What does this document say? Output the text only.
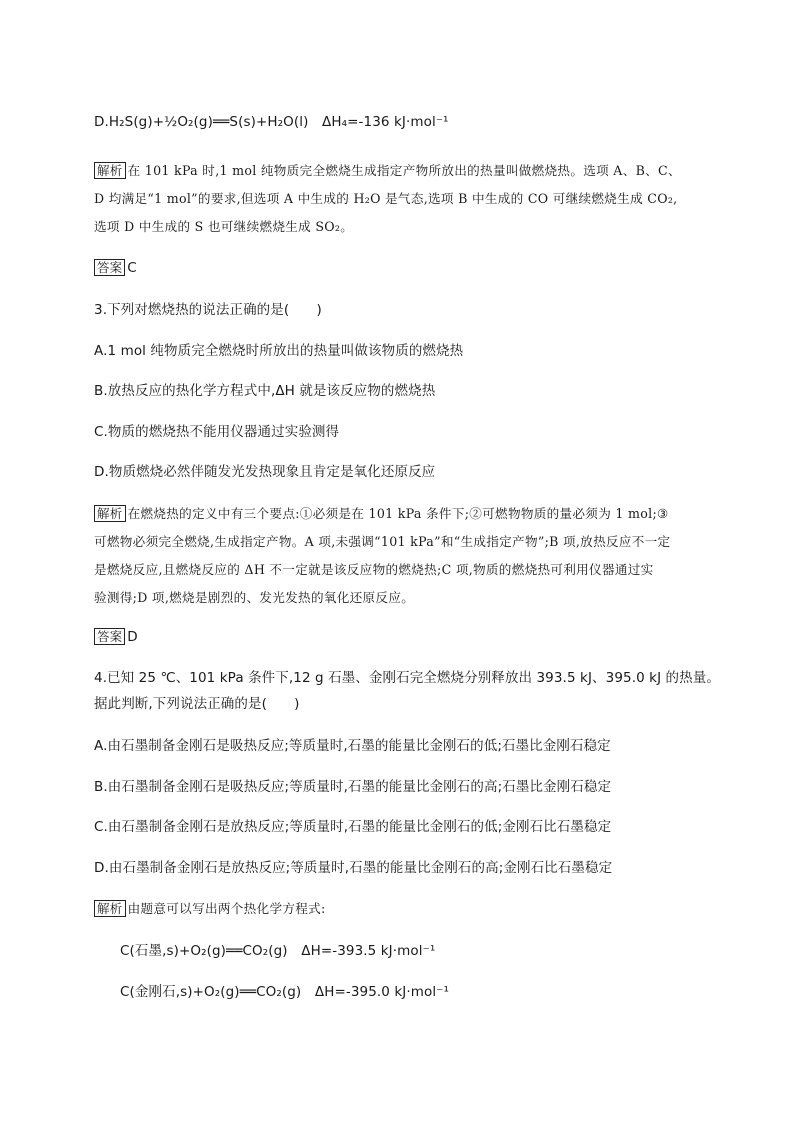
D.H₂S(g)+½O₂(g)══S(s)+H₂O(l)　ΔH₄=-136 kJ·mol⁻¹
解析 在 101 kPa 时,1 mol 纯物质完全燃烧生成指定产物所放出的热量叫做燃烧热。选项 A、B、C、
D 均满足“1 mol”的要求,但选项 A 中生成的 H₂O 是气态,选项 B 中生成的 CO 可继续燃烧生成 CO₂,
选项 D 中生成的 S 也可继续燃烧生成 SO₂。
答案 C
3.下列对燃烧热的说法正确的是(　　)
A.1 mol 纯物质完全燃烧时所放出的热量叫做该物质的燃烧热
B.放热反应的热化学方程式中,ΔH 就是该反应物的燃烧热
C.物质的燃烧热不能用仪器通过实验测得
D.物质燃烧必然伴随发光发热现象且肯定是氧化还原反应
解析 在燃烧热的定义中有三个要点:①必须是在 101 kPa 条件下;②可燃物物质的量必须为 1 mol;③
可燃物必须完全燃烧,生成指定产物。A 项,未强调“101 kPa”和“生成指定产物”;B 项,放热反应不一定
是燃烧反应,且燃烧反应的 ΔH 不一定就是该反应物的燃烧热;C 项,物质的燃烧热可利用仪器通过实
验测得;D 项,燃烧是剧烈的、发光发热的氧化还原反应。
答案 D
4.已知 25 ℃、101 kPa 条件下,12 g 石墨、金刚石完全燃烧分别释放出 393.5 kJ、395.0 kJ 的热量。
据此判断,下列说法正确的是(　　)
A.由石墨制备金刚石是吸热反应;等质量时,石墨的能量比金刚石的低;石墨比金刚石稳定
B.由石墨制备金刚石是吸热反应;等质量时,石墨的能量比金刚石的高;石墨比金刚石稳定
C.由石墨制备金刚石是放热反应;等质量时,石墨的能量比金刚石的低;金刚石比石墨稳定
D.由石墨制备金刚石是放热反应;等质量时,石墨的能量比金刚石的高;金刚石比石墨稳定
解析 由题意可以写出两个热化学方程式:
C(石墨,s)+O₂(g)══CO₂(g)　ΔH=-393.5 kJ·mol⁻¹
C(金刚石,s)+O₂(g)══CO₂(g)　ΔH=-395.0 kJ·mol⁻¹
